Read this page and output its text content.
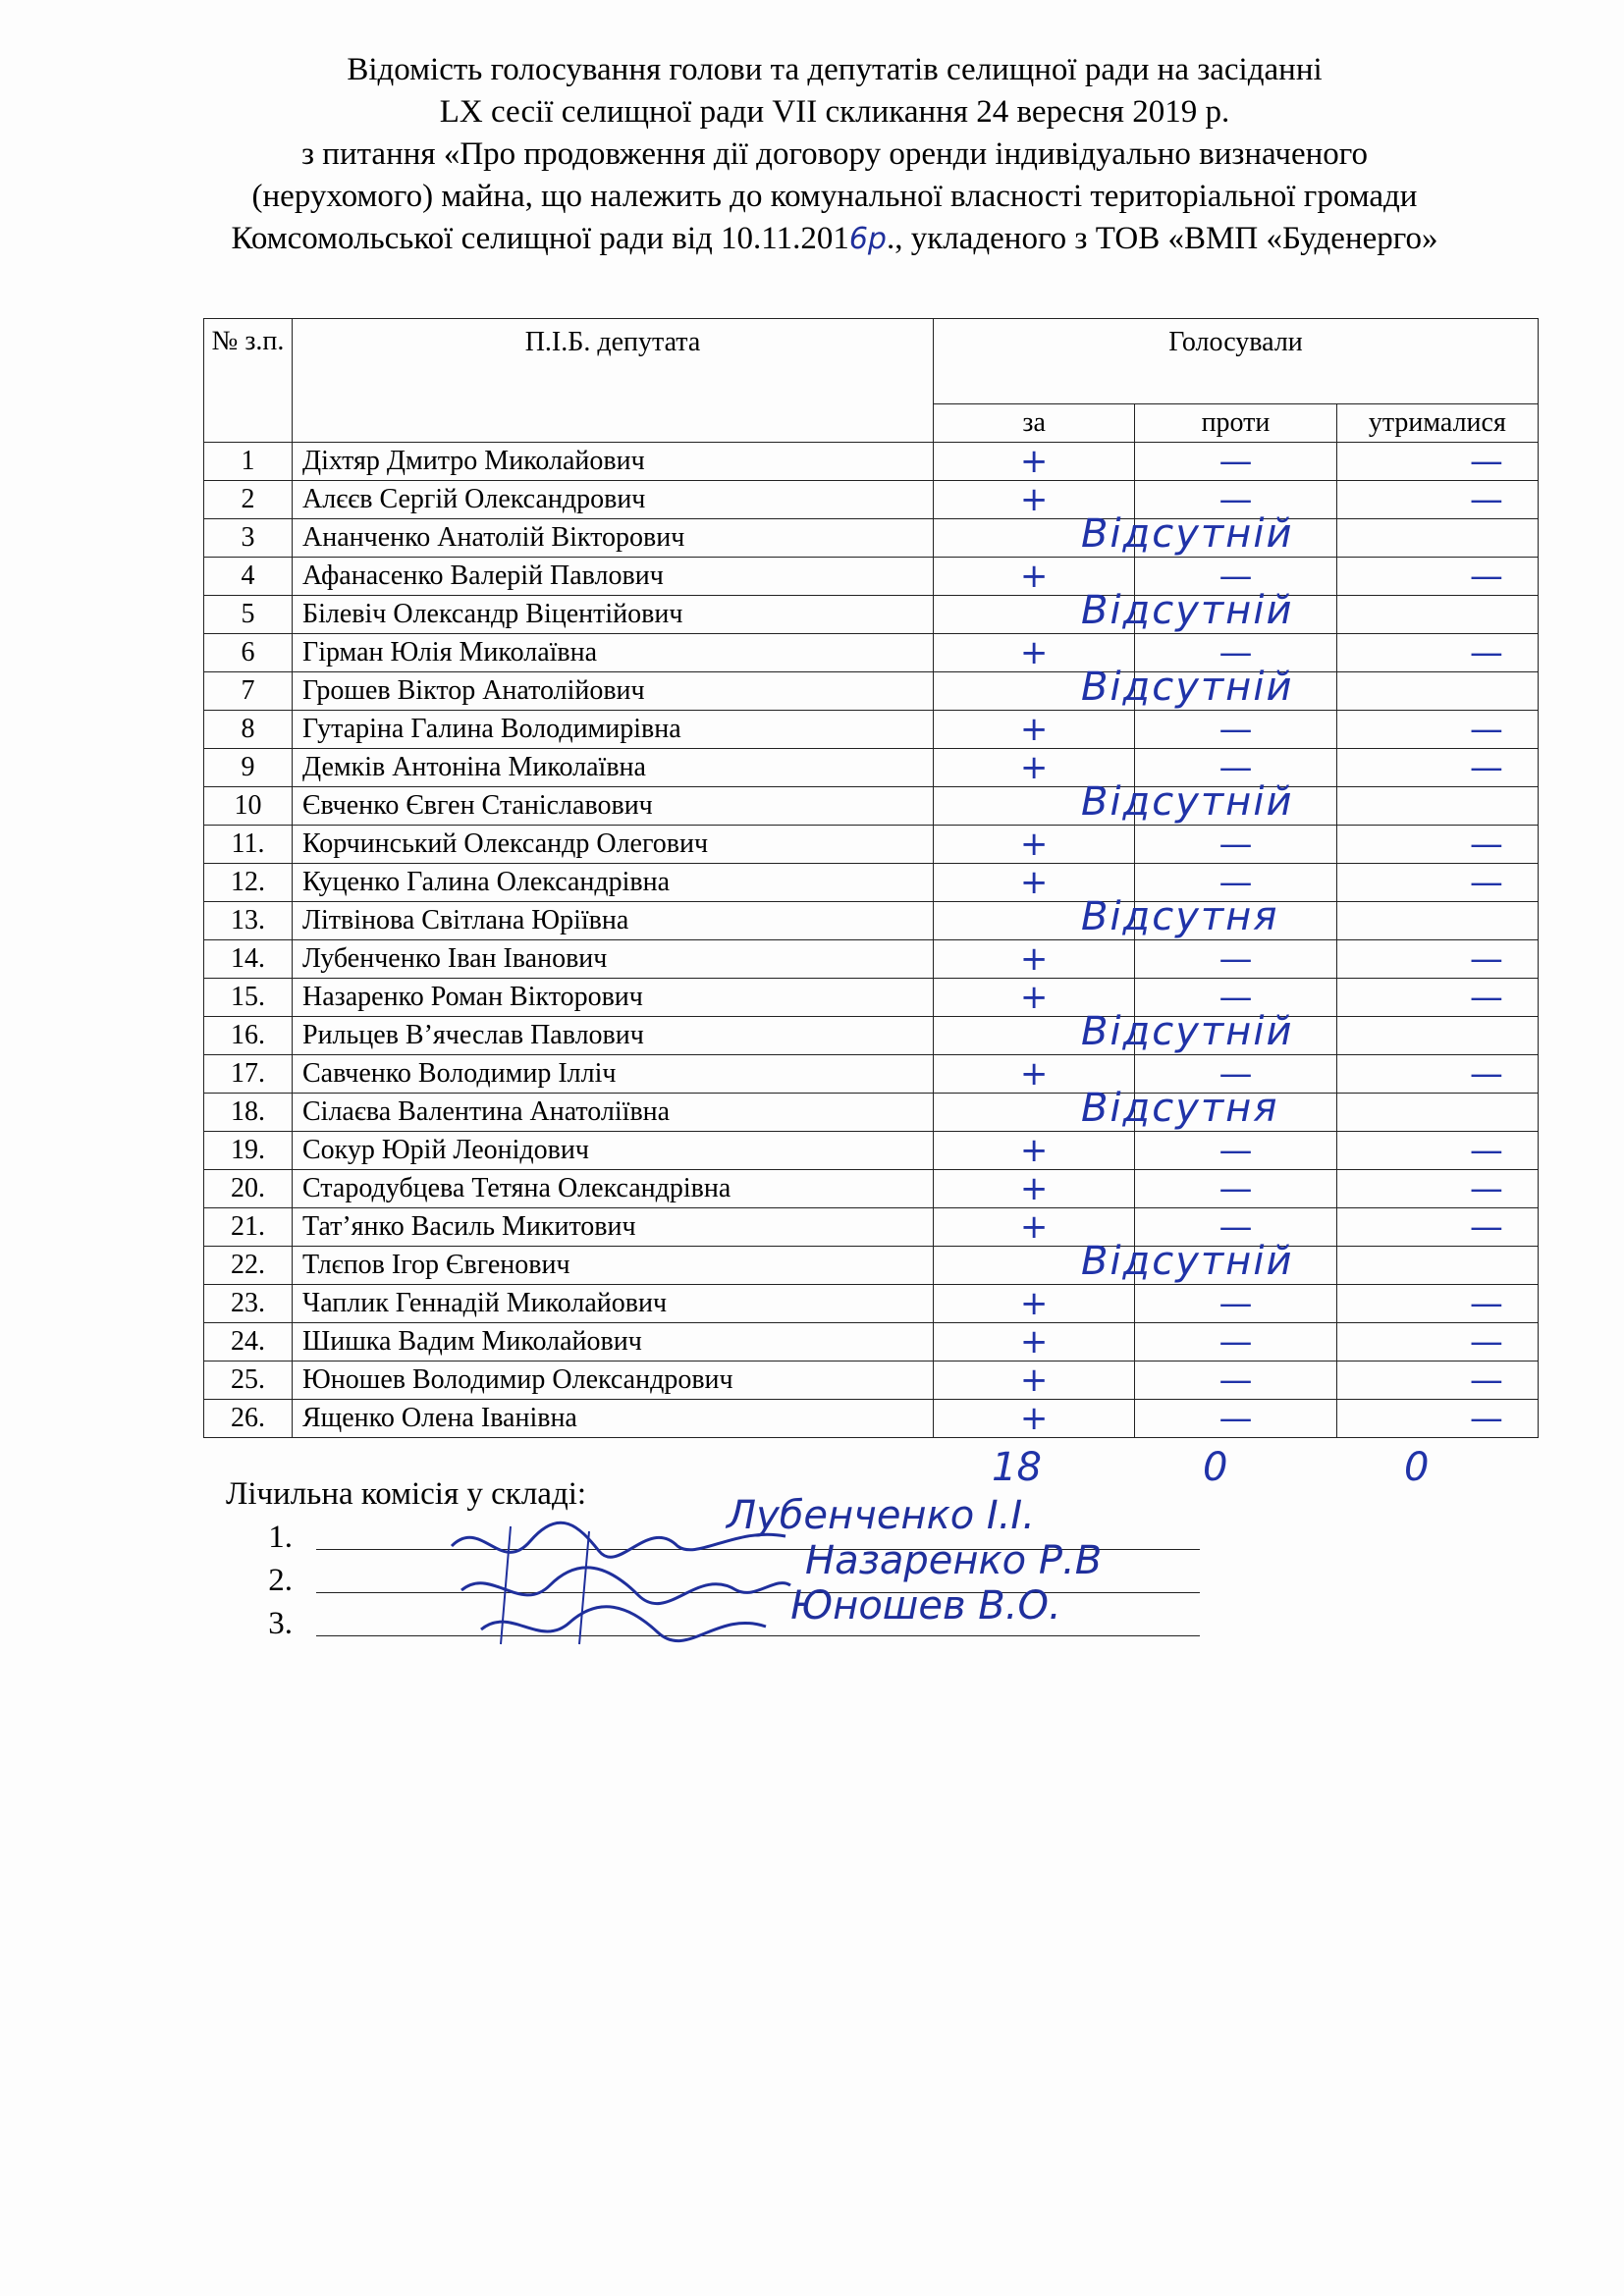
Відомість голосування голови та депутатів селищної ради на засіданні
LX сесії селищної ради VII скликання 24 вересня 2019 р.
з питання «Про продовження дії договору оренди індивідуально визначеного
(нерухомого) майна, що належить до комунальної власності територіальної громади
Комсомольської селищної ради від 10.11.2016р., укладеного з ТОВ «ВМП «Буденерго»
№ з.п.	П.І.Б. депутата	Голосували		
		за	проти	утрималися
1	Діхтяр Дмитро Миколайович	+	—	—
2	Алєєв Сергій Олександрович	+	—	—
3	Ананченко Анатолій Вікторович	Відсутній		

4	Афанасенко Валерій Павлович	+	—	—
5	Білевіч Олександр Віцентійович	Відсутній		

6	Гірман Юлія Миколаївна	+	—	—
7	Грошев Віктор Анатолійович	Відсутній		

8	Гутаріна Галина Володимирівна	+	—	—
9	Демків Антоніна Миколаївна	+	—	—
10	Євченко Євген Станіславович	Відсутній		

11.	Корчинський Олександр Олегович	+	—	—
12.	Куценко Галина Олександрівна	+	—	—
13.	Літвінова Світлана Юріївна	Відсутня		

14.	Лубенченко Іван Іванович	+	—	—
15.	Назаренко Роман Вікторович	+	—	—
16.	Рильцев В’ячеслав Павлович	Відсутній		

17.	Савченко Володимир Ілліч	+	—	—
18.	Сілаєва Валентина Анатоліївна	Відсутня		

19.	Сокур Юрій Леонідович	+	—	—
20.	Стародубцева Тетяна Олександрівна	+	—	—
21.	Тат’янко Василь Микитович	+	—	—
22.	Тлєпов Ігор Євгенович	Відсутній		

23.	Чаплик Геннадій Миколайович	+	—	—
24.	Шишка Вадим Миколайович	+	—	—
25.	Юношев Володимир Олександрович	+	—	—
26.	Ященко Олена Іванівна	+	—	—
18	0	0
Лічильна комісія у складі:
1.	Лубенченко І.І.
2.	Назаренко Р.В
3.	Юношев В.О.
